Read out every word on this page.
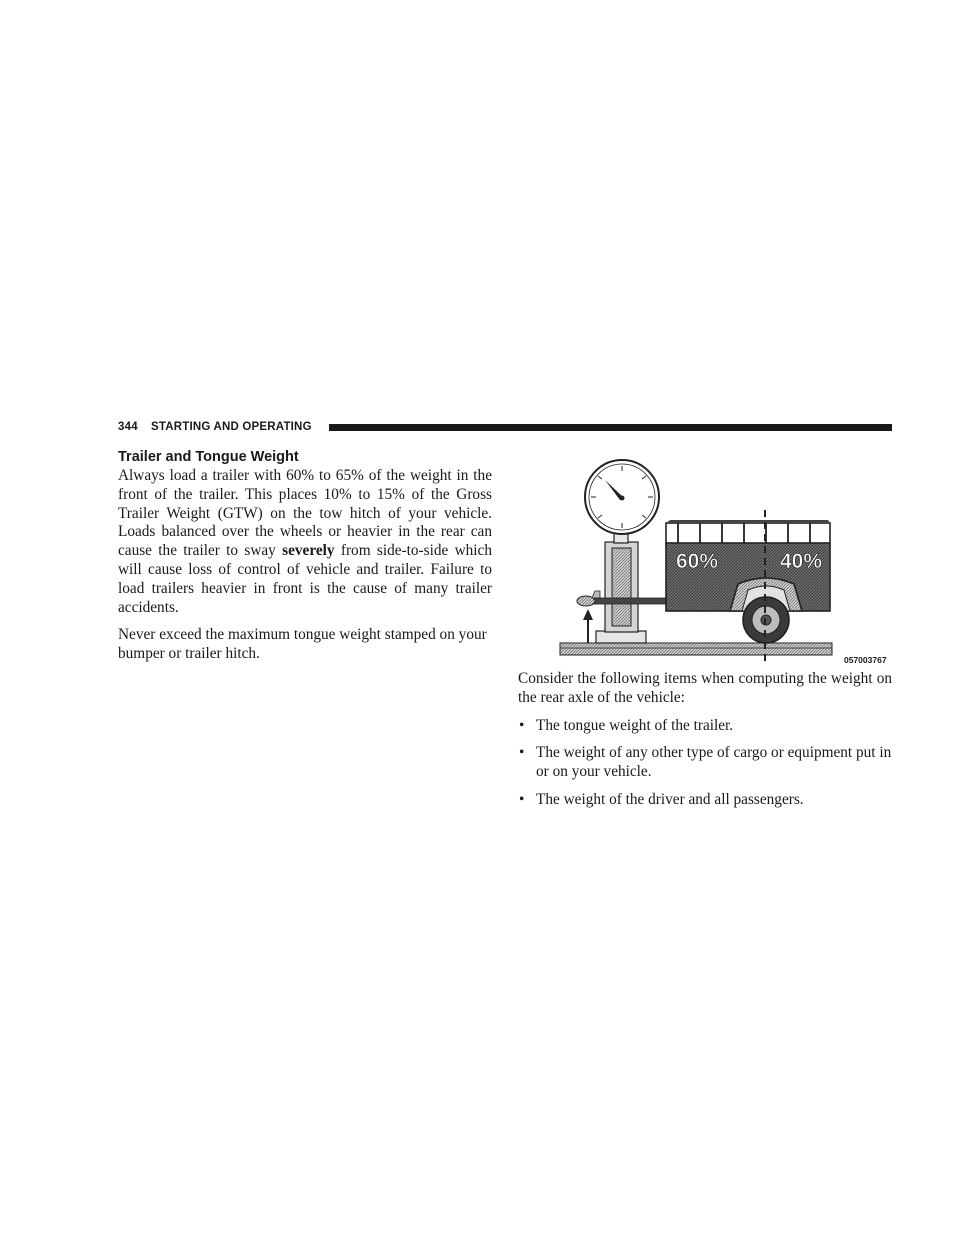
344 STARTING AND OPERATING
Trailer and Tongue Weight

Always load a trailer with 60% to 65% of the weight in the front of the trailer. This places 10% to 15% of the Gross Trailer Weight (GTW) on the tow hitch of your vehicle. Loads balanced over the wheels or heavier in the rear can cause the trailer to sway severely from side-to-side which will cause loss of control of vehicle and trailer. Failure to load trailers heavier in front is the cause of many trailer accidents.

Never exceed the maximum tongue weight stamped on your bumper or trailer hitch.

60%	40%
057003767

Consider the following items when computing the weight on the rear axle of the vehicle:

• The tongue weight of the trailer.
• The weight of any other type of cargo or equipment put in or on your vehicle.
• The weight of the driver and all passengers.
